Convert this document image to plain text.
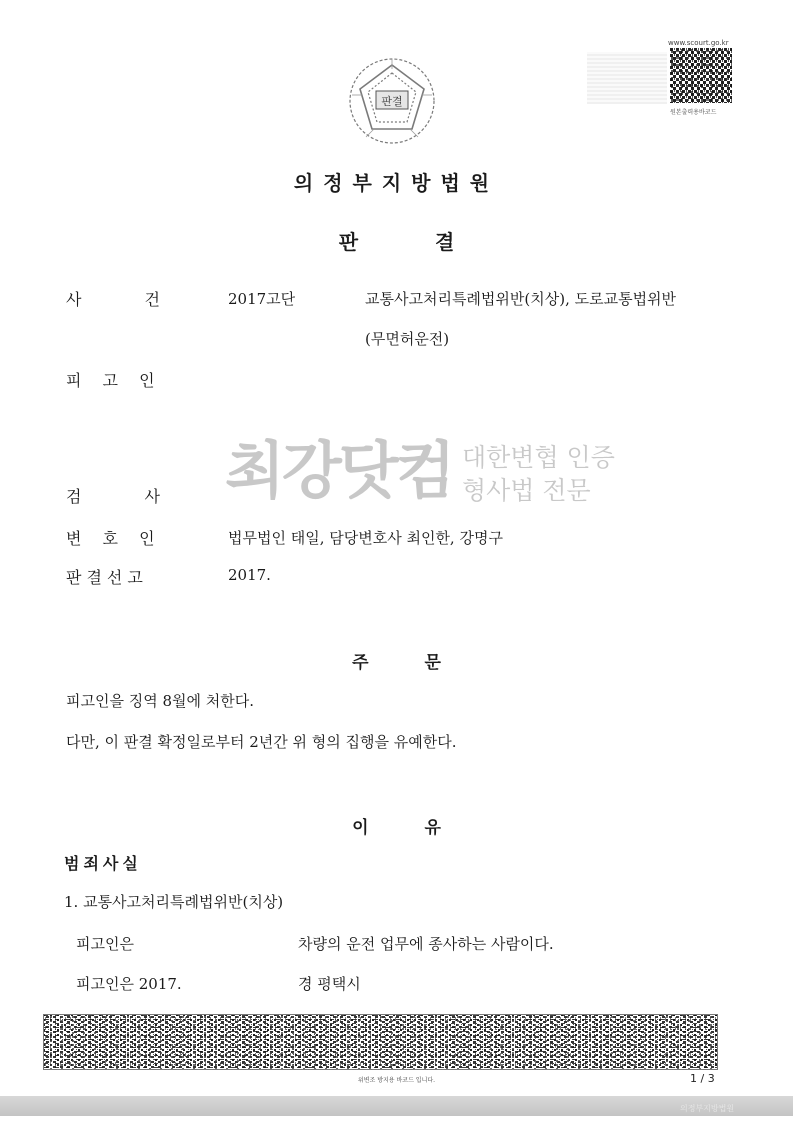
판결
www.scourt.go.kr
원본출력용바코드
의정부지방법원
판 결
사 건	2017고단	교통사고처리특례법위반(치상), 도로교통법위반
(무면허운전)
피 고 인
최강닷컴 대한변협 인증
형사법 전문
검 사
변 호 인	법무법인 태일, 담당변호사 최인한, 강명구
판결선고	2017.
주 문
피고인을 징역 8월에 처한다.
다만, 이 판결 확정일로부터 2년간 위 형의 집행을 유예한다.
이 유
범죄사실
1. 교통사고처리특례법위반(치상)
피고인은	차량의 운전 업무에 종사하는 사람이다.
피고인은 2017.	경 평택시
위변조 방지용 바코드 입니다.	1 / 3
의정부지방법원
